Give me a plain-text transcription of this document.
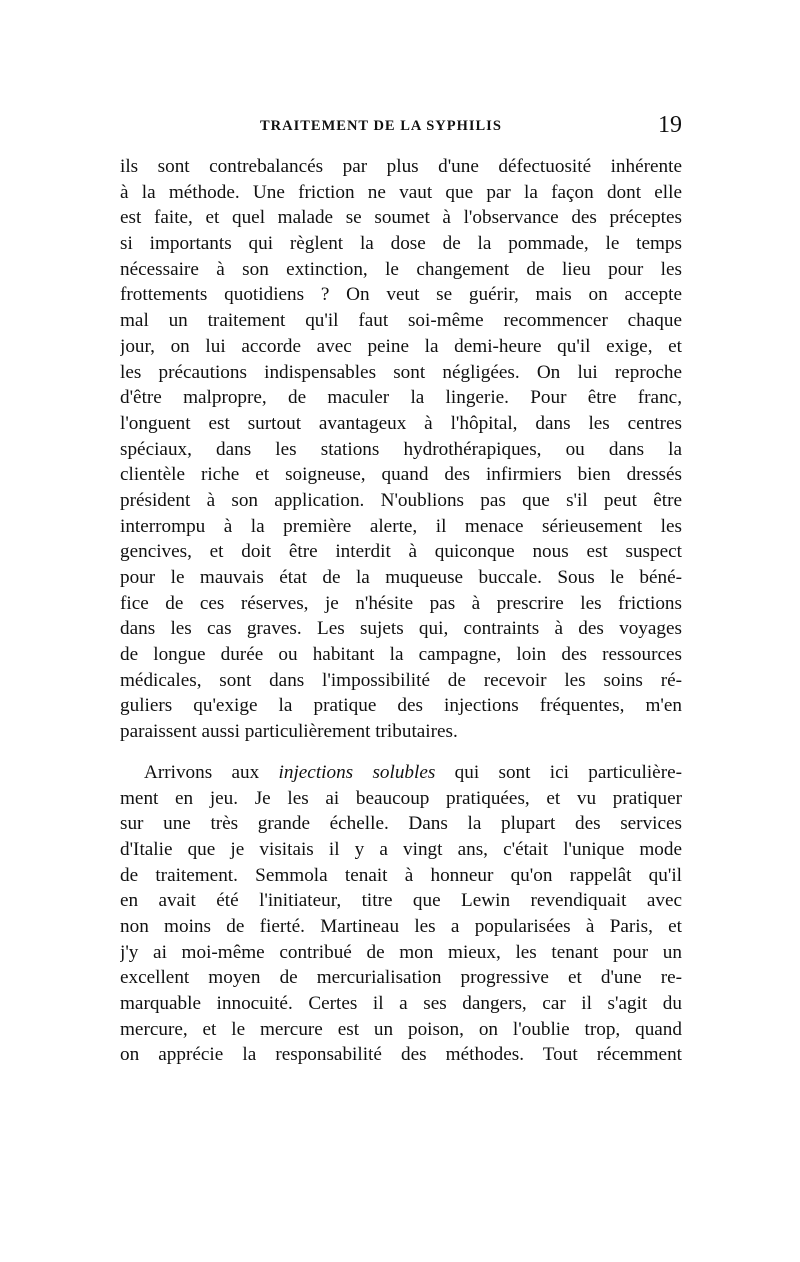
TRAITEMENT DE LA SYPHILIS	19
ils sont contrebalancés par plus d'une défectuosité inhérente
à la méthode. Une friction ne vaut que par la façon dont elle
est faite, et quel malade se soumet à l'observance des préceptes
si importants qui règlent la dose de la pommade, le temps
nécessaire à son extinction, le changement de lieu pour les
frottements quotidiens ? On veut se guérir, mais on accepte
mal un traitement qu'il faut soi-même recommencer chaque
jour, on lui accorde avec peine la demi-heure qu'il exige, et
les précautions indispensables sont négligées. On lui reproche
d'être malpropre, de maculer la lingerie. Pour être franc,
l'onguent est surtout avantageux à l'hôpital, dans les centres
spéciaux, dans les stations hydrothérapiques, ou dans la
clientèle riche et soigneuse, quand des infirmiers bien dressés
président à son application. N'oublions pas que s'il peut être
interrompu à la première alerte, il menace sérieusement les
gencives, et doit être interdit à quiconque nous est suspect
pour le mauvais état de la muqueuse buccale. Sous le béné-
fice de ces réserves, je n'hésite pas à prescrire les frictions
dans les cas graves. Les sujets qui, contraints à des voyages
de longue durée ou habitant la campagne, loin des ressources
médicales, sont dans l'impossibilité de recevoir les soins ré-
guliers qu'exige la pratique des injections fréquentes, m'en
paraissent aussi particulièrement tributaires.
Arrivons aux injections solubles qui sont ici particulière-
ment en jeu. Je les ai beaucoup pratiquées, et vu pratiquer
sur une très grande échelle. Dans la plupart des services
d'Italie que je visitais il y a vingt ans, c'était l'unique mode
de traitement. Semmola tenait à honneur qu'on rappelât qu'il
en avait été l'initiateur, titre que Lewin revendiquait avec
non moins de fierté. Martineau les a popularisées à Paris, et
j'y ai moi-même contribué de mon mieux, les tenant pour un
excellent moyen de mercurialisation progressive et d'une re-
marquable innocuité. Certes il a ses dangers, car il s'agit du
mercure, et le mercure est un poison, on l'oublie trop, quand
on apprécie la responsabilité des méthodes. Tout récemment
